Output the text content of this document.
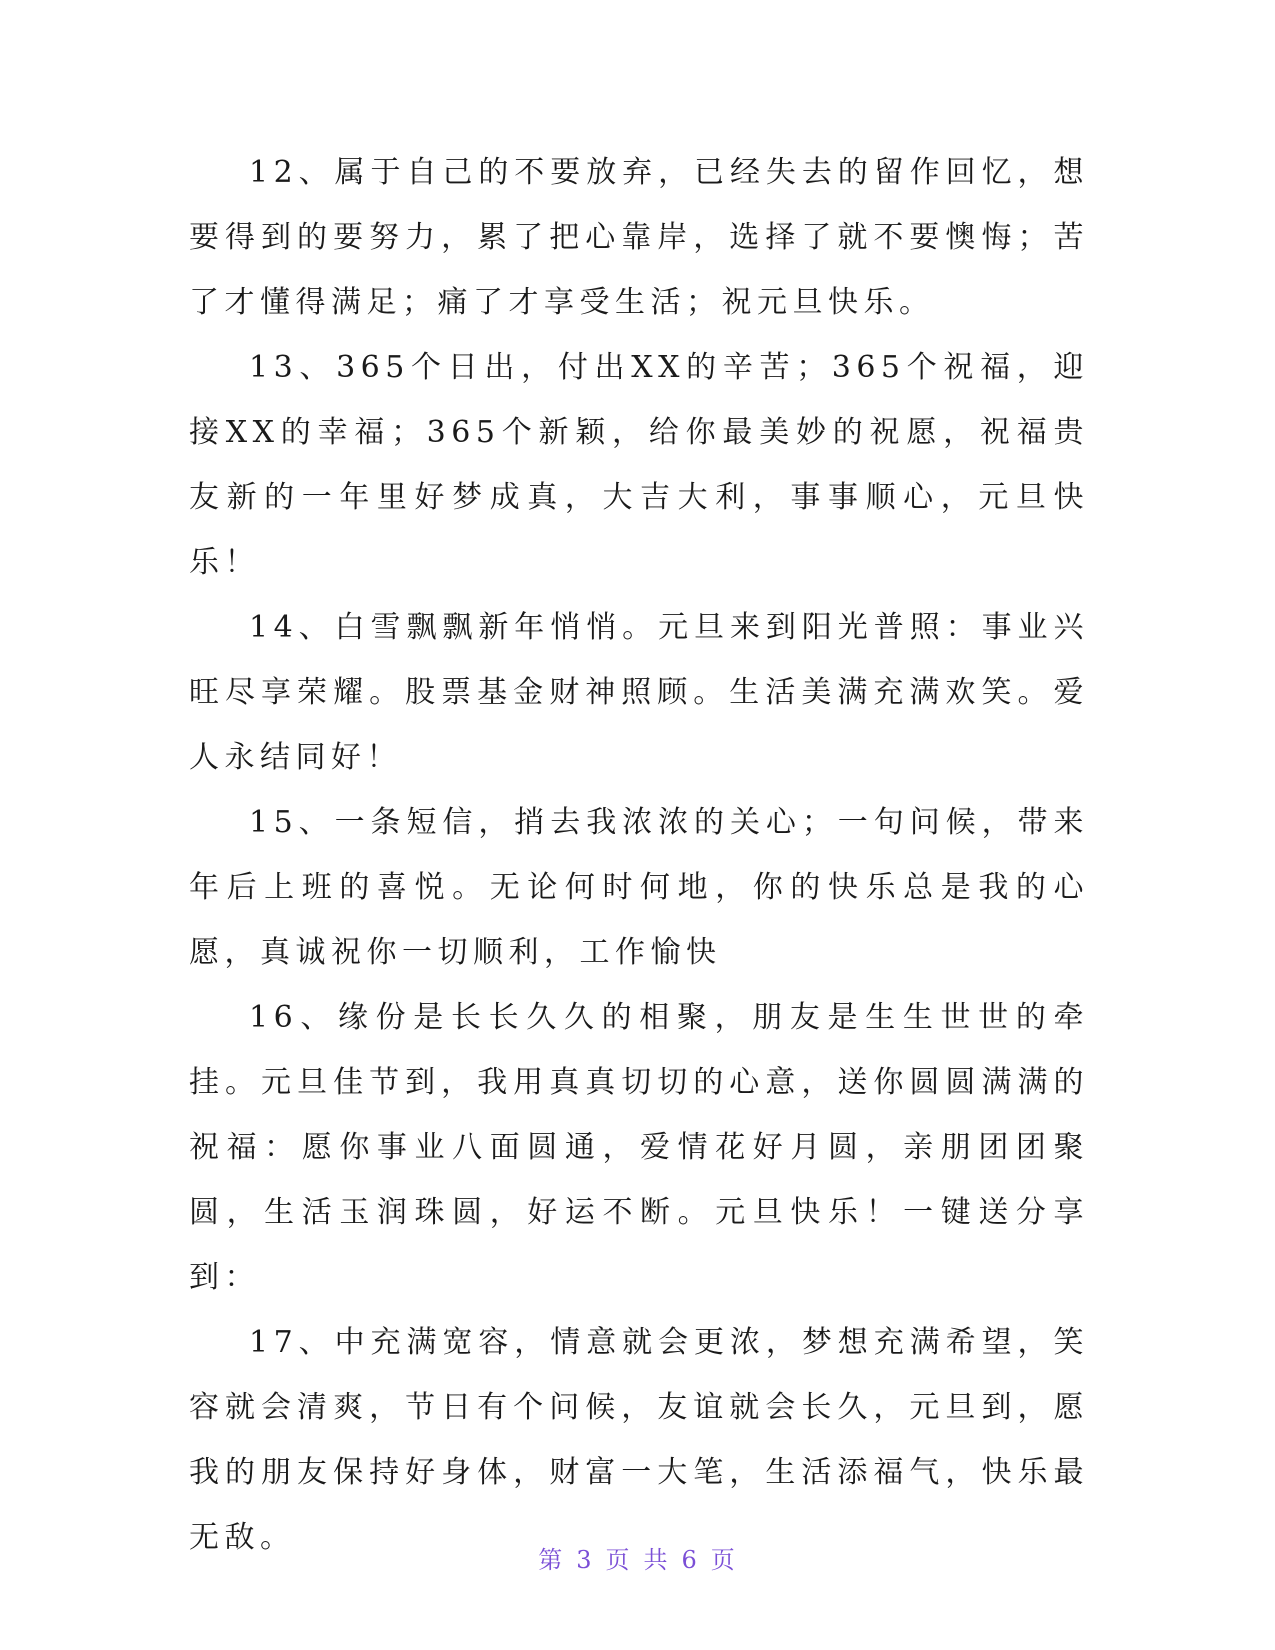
12、属于自己的不要放弃，已经失去的留作回忆，想要得到的要努力，累了把心靠岸，选择了就不要懊悔；苦了才懂得满足；痛了才享受生活；祝元旦快乐。

13、365个日出，付出XX的辛苦；365个祝福，迎接XX的幸福；365个新颖，给你最美妙的祝愿，祝福贵友新的一年里好梦成真，大吉大利，事事顺心，元旦快乐！

14、白雪飘飘新年悄悄。元旦来到阳光普照：事业兴旺尽享荣耀。股票基金财神照顾。生活美满充满欢笑。爱人永结同好！

15、一条短信，捎去我浓浓的关心；一句问候，带来年后上班的喜悦。无论何时何地，你的快乐总是我的心愿，真诚祝你一切顺利，工作愉快

16、缘份是长长久久的相聚，朋友是生生世世的牵挂。元旦佳节到，我用真真切切的心意，送你圆圆满满的祝福：愿你事业八面圆通，爱情花好月圆，亲朋团团聚圆，生活玉润珠圆，好运不断。元旦快乐！一键送分享到：

17、中充满宽容，情意就会更浓，梦想充满希望，笑容就会清爽，节日有个问候，友谊就会长久，元旦到，愿我的朋友保持好身体，财富一大笔，生活添福气，快乐最无敌。

第 3 页 共 6 页
